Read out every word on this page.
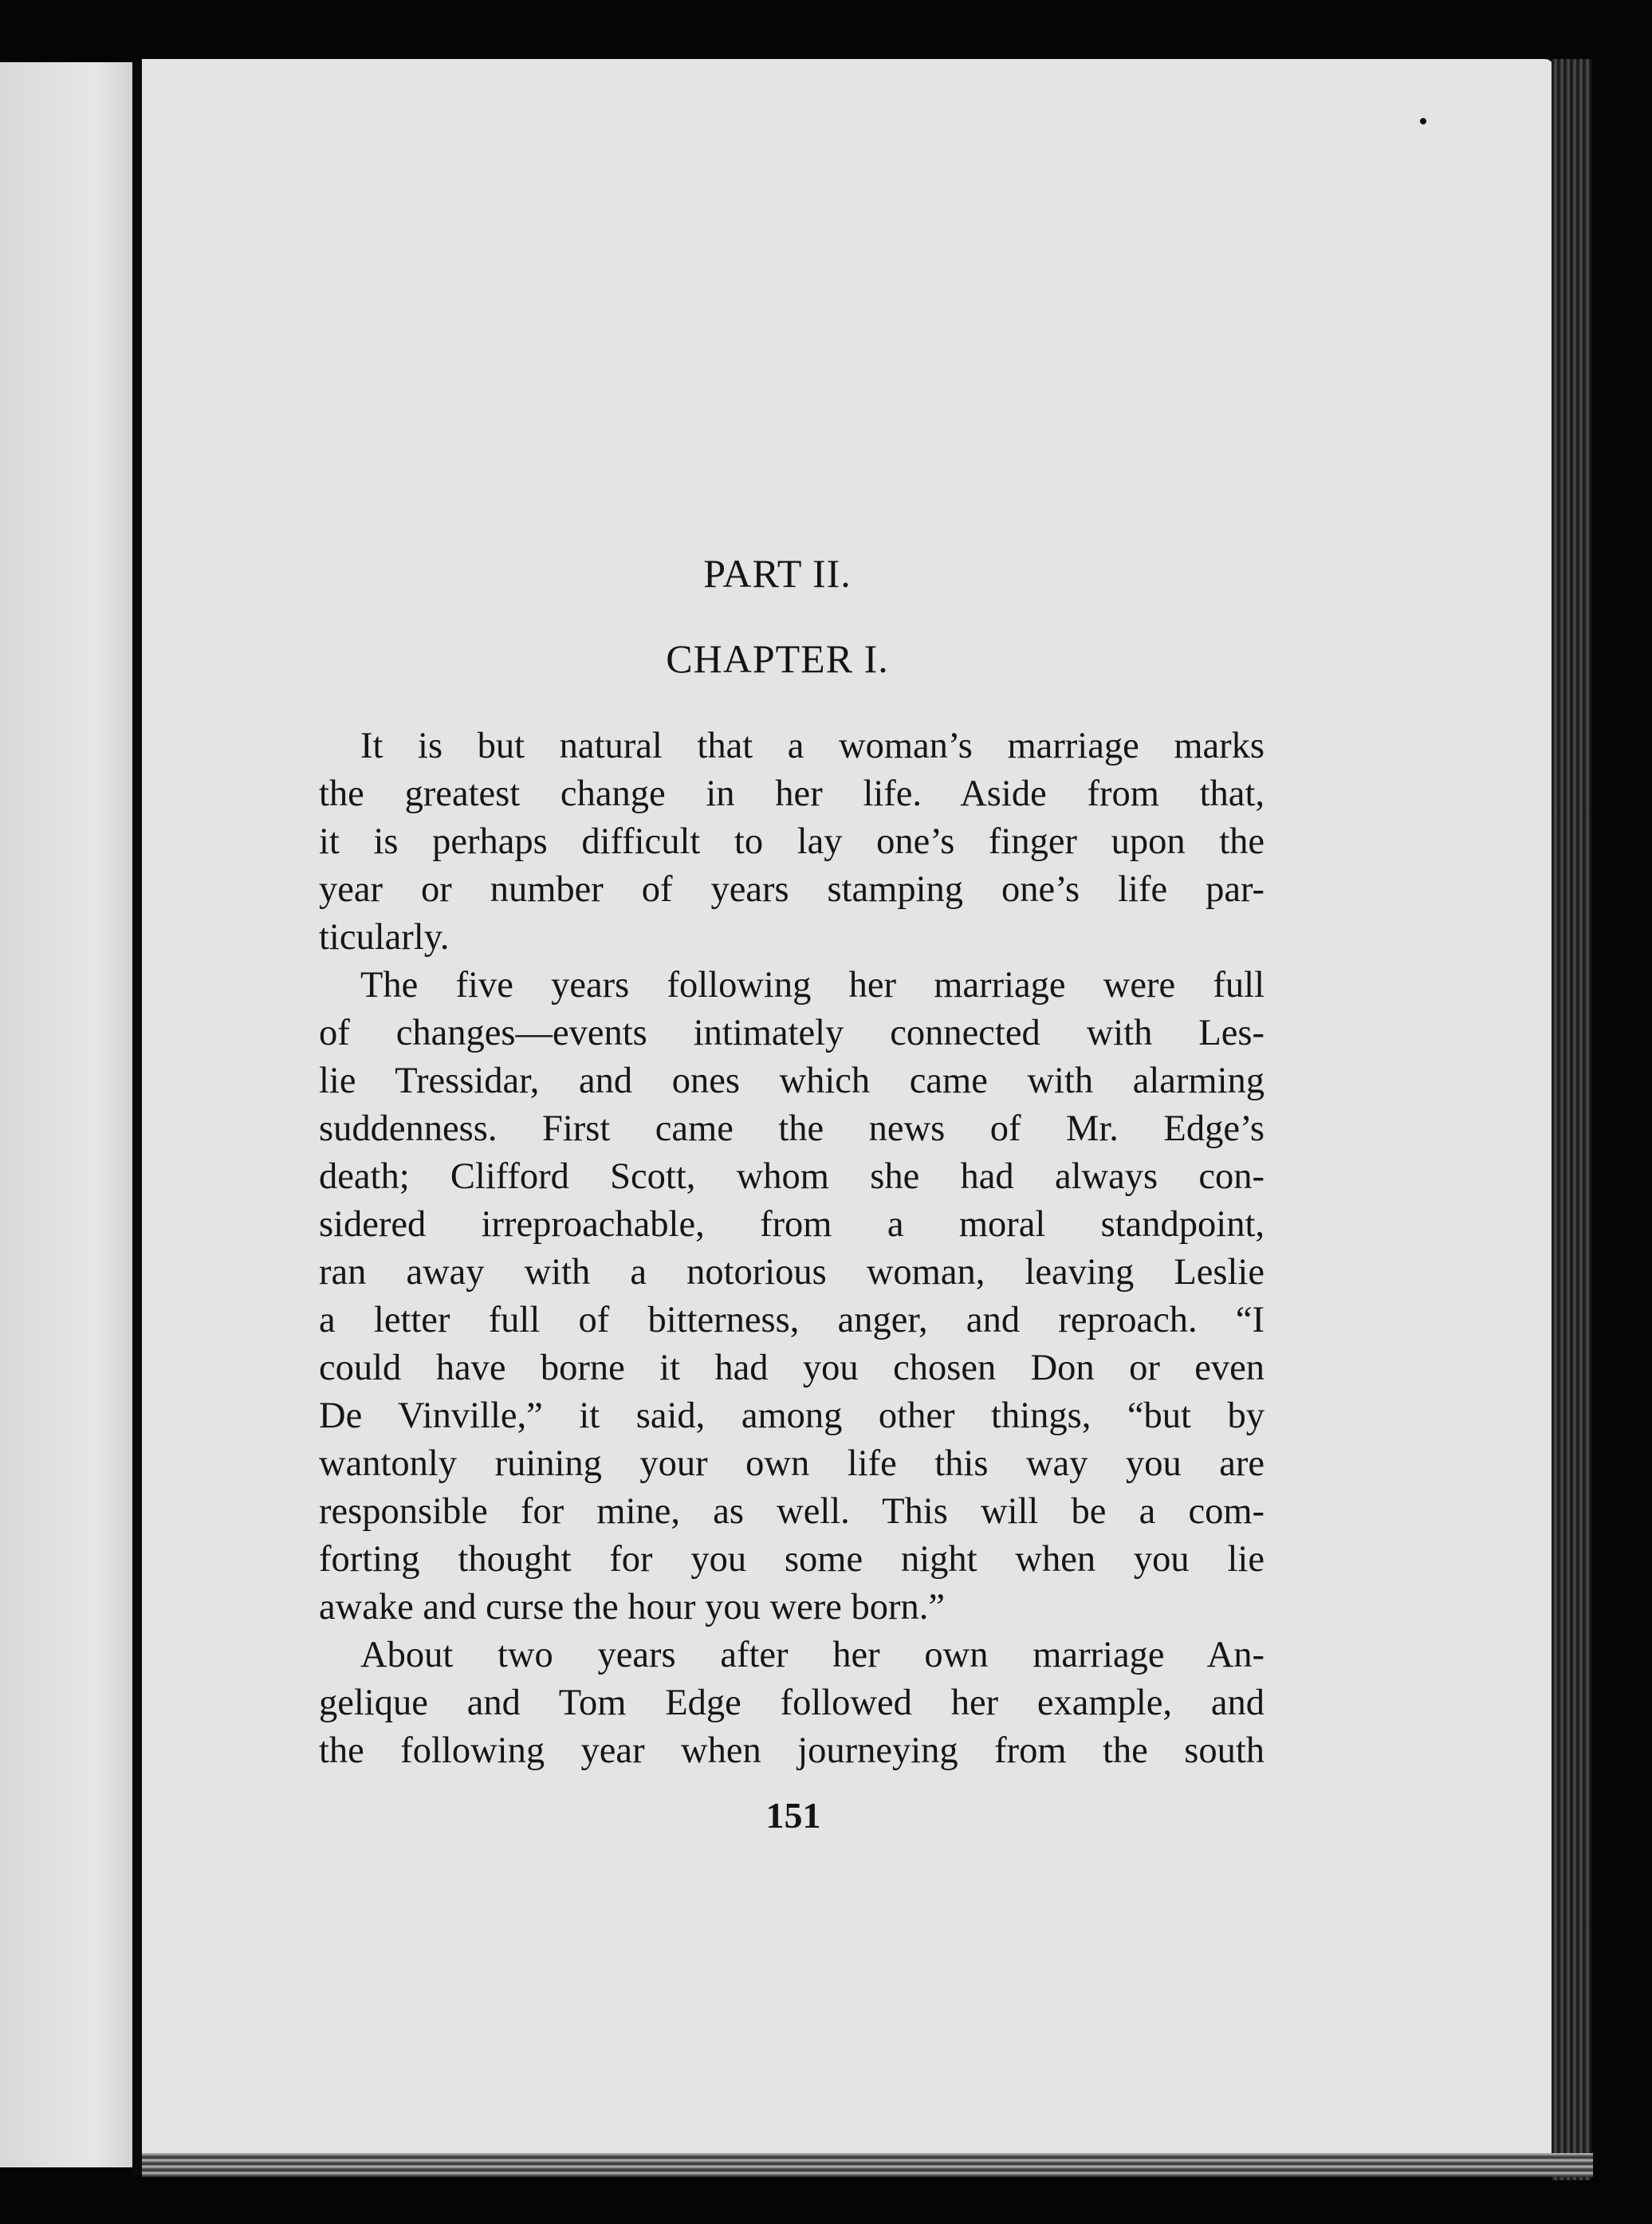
PART II.
CHAPTER I.
It is but natural that a woman’s marriage marks
the greatest change in her life. Aside from that,
it is perhaps difficult to lay one’s finger upon the
year or number of years stamping one’s life par-
ticularly.
The five years following her marriage were full
of changes—events intimately connected with Les-
lie Tressidar, and ones which came with alarming
suddenness. First came the news of Mr. Edge’s
death; Clifford Scott, whom she had always con-
sidered irreproachable, from a moral standpoint,
ran away with a notorious woman, leaving Leslie
a letter full of bitterness, anger, and reproach. “I
could have borne it had you chosen Don or even
De Vinville,” it said, among other things, “but by
wantonly ruining your own life this way you are
responsible for mine, as well. This will be a com-
forting thought for you some night when you lie
awake and curse the hour you were born.”
About two years after her own marriage An-
gelique and Tom Edge followed her example, and
the following year when journeying from the south
151
